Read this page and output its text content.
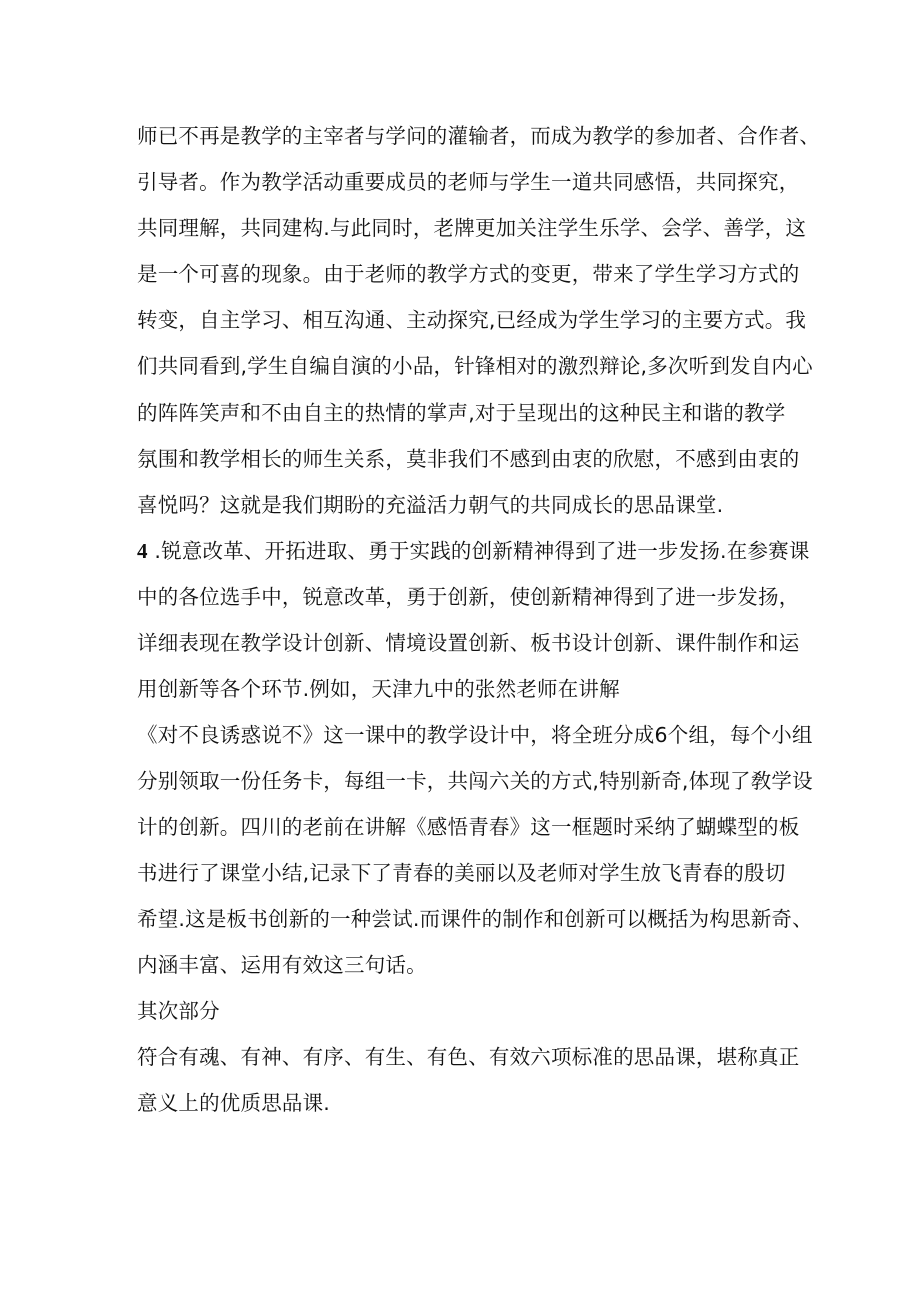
师已不再是教学的主宰者与学问的灌输者，而成为教学的参加者、合作者、

引导者。作为教学活动重要成员的老师与学生一道共同感悟，共同探究，

共同理解，共同建构.与此同时，老牌更加关注学生乐学、会学、善学，这

是一个可喜的现象。由于老师的教学方式的变更，带来了学生学习方式的

转变，自主学习、相互沟通、主动探究,已经成为学生学习的主要方式。我

们共同看到,学生自编自演的小品，针锋相对的激烈辩论,多次听到发自内心

的阵阵笑声和不由自主的热情的掌声,对于呈现出的这种民主和谐的教学

氛围和教学相长的师生关系，莫非我们不感到由衷的欣慰，不感到由衷的

喜悦吗？这就是我们期盼的充溢活力朝气的共同成长的思品课堂.

4 .锐意改革、开拓进取、勇于实践的创新精神得到了进一步发扬.在参赛课

中的各位选手中，锐意改革，勇于创新，使创新精神得到了进一步发扬，

详细表现在教学设计创新、情境设置创新、板书设计创新、课件制作和运

用创新等各个环节.例如，天津九中的张然老师在讲解

《对不良诱惑说不》这一课中的教学设计中，将全班分成6个组，每个小组

分别领取一份任务卡，每组一卡，共闯六关的方式,特别新奇,体现了敎学设

计的创新。四川的老前在讲解《感悟青春》这一框题时采纳了蝴蝶型的板

书进行了课堂小结,记录下了青春的美丽以及老师对学生放飞青春的殷切

希望.这是板书创新的一种尝试.而课件的制作和创新可以概括为构思新奇、

内涵丰富、运用有效这三句话。

其次部分

符合有魂、有神、有序、有生、有色、有效六项标准的思品课，堪称真正

意义上的优质思品课.
